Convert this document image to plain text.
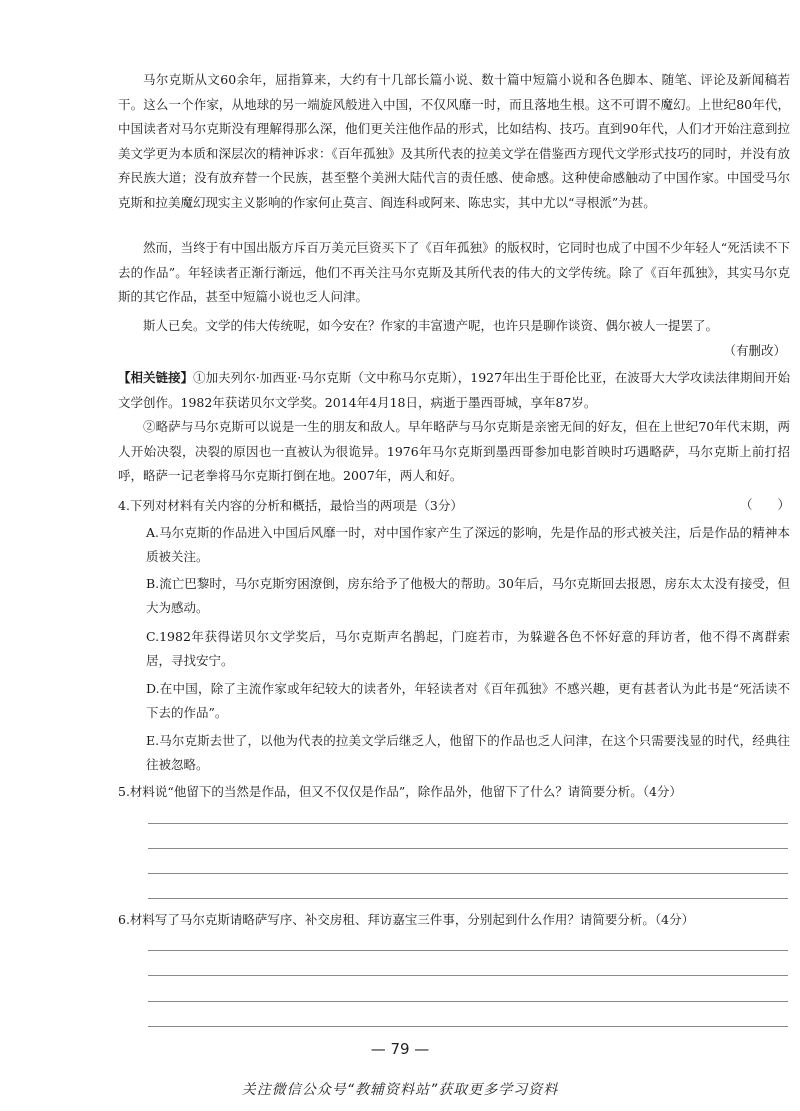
马尔克斯从文60余年，屈指算来，大约有十几部长篇小说、数十篇中短篇小说和各色脚本、随笔、评论及新闻稿若干。这么一个作家，从地球的另一端旋风般进入中国，不仅风靡一时，而且落地生根。这不可谓不魔幻。上世纪80年代，中国读者对马尔克斯没有理解得那么深，他们更关注他作品的形式，比如结构、技巧。直到90年代，人们才开始注意到拉美文学更为本质和深层次的精神诉求：《百年孤独》及其所代表的拉美文学在借鉴西方现代文学形式技巧的同时，并没有放弃民族大道；没有放弃替一个民族，甚至整个美洲大陆代言的责任感、使命感。这种使命感触动了中国作家。中国受马尔克斯和拉美魔幻现实主义影响的作家何止莫言、阎连科或阿来、陈忠实，其中尤以“寻根派”为甚。

然而，当终于有中国出版方斥百万美元巨资买下了《百年孤独》的版权时，它同时也成了中国不少年轻人“死活读不下去的作品”。年轻读者正渐行渐远，他们不再关注马尔克斯及其所代表的伟大的文学传统。除了《百年孤独》，其实马尔克斯的其它作品，甚至中短篇小说也乏人问津。

斯人已矣。文学的伟大传统呢，如今安在？作家的丰富遗产呢，也许只是聊作谈资、偶尔被人一提罢了。

（有删改）

【相关链接】①加夫列尔·加西亚·马尔克斯（文中称马尔克斯），1927年出生于哥伦比亚，在波哥大大学攻读法律期间开始文学创作。1982年获诺贝尔文学奖。2014年4月18日，病逝于墨西哥城，享年87岁。

②略萨与马尔克斯可以说是一生的朋友和敌人。早年略萨与马尔克斯是亲密无间的好友，但在上世纪70年代末期，两人开始决裂，决裂的原因也一直被认为很诡异。1976年马尔克斯到墨西哥参加电影首映时巧遇略萨，马尔克斯上前打招呼，略萨一记老拳将马尔克斯打倒在地。2007年，两人和好。

4.下列对材料有关内容的分析和概括，最恰当的两项是（3分）	（　　）

A.马尔克斯的作品进入中国后风靡一时，对中国作家产生了深远的影响，先是作品的形式被关注，后是作品的精神本质被关注。

B.流亡巴黎时，马尔克斯穷困潦倒，房东给予了他极大的帮助。30年后，马尔克斯回去报恩，房东太太没有接受，但大为感动。

C.1982年获得诺贝尔文学奖后，马尔克斯声名鹊起，门庭若市，为躲避各色不怀好意的拜访者，他不得不离群索居，寻找安宁。

D.在中国，除了主流作家或年纪较大的读者外，年轻读者对《百年孤独》不感兴趣，更有甚者认为此书是“死活读不下去的作品”。

E.马尔克斯去世了，以他为代表的拉美文学后继乏人，他留下的作品也乏人问津，在这个只需要浅显的时代，经典往往被忽略。

5.材料说“他留下的当然是作品，但又不仅仅是作品”，除作品外，他留下了什么？请简要分析。（4分）

6.材料写了马尔克斯请略萨写序、补交房租、拜访嘉宝三件事，分别起到什么作用？请简要分析。（4分）

— 79 —
关注微信公众号“教辅资料站”获取更多学习资料
